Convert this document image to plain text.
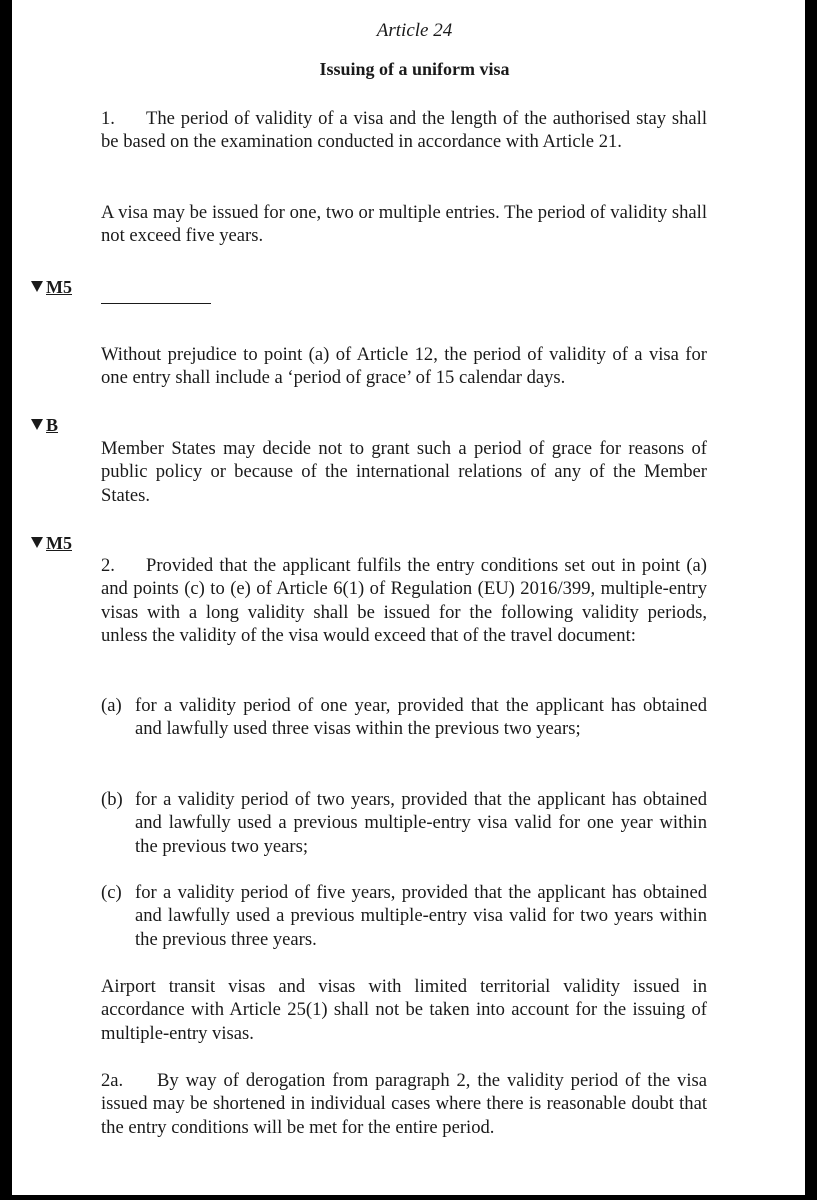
Article 24
Issuing of a uniform visa
1. The period of validity of a visa and the length of the authorised stay shall be based on the examination conducted in accordance with Article 21.
A visa may be issued for one, two or multiple entries. The period of validity shall not exceed five years.
M5
Without prejudice to point (a) of Article 12, the period of validity of a visa for one entry shall include a ‘period of grace’ of 15 calendar days.
B
Member States may decide not to grant such a period of grace for reasons of public policy or because of the international relations of any of the Member States.
M5
2. Provided that the applicant fulfils the entry conditions set out in point (a) and points (c) to (e) of Article 6(1) of Regulation (EU) 2016/399, multiple-entry visas with a long validity shall be issued for the following validity periods, unless the validity of the visa would exceed that of the travel document:
(a) for a validity period of one year, provided that the applicant has obtained and lawfully used three visas within the previous two years;
(b) for a validity period of two years, provided that the applicant has obtained and lawfully used a previous multiple-entry visa valid for one year within the previous two years;
(c) for a validity period of five years, provided that the applicant has obtained and lawfully used a previous multiple-entry visa valid for two years within the previous three years.
Airport transit visas and visas with limited territorial validity issued in accordance with Article 25(1) shall not be taken into account for the issuing of multiple-entry visas.
2a. By way of derogation from paragraph 2, the validity period of the visa issued may be shortened in individual cases where there is reasonable doubt that the entry conditions will be met for the entire period.
